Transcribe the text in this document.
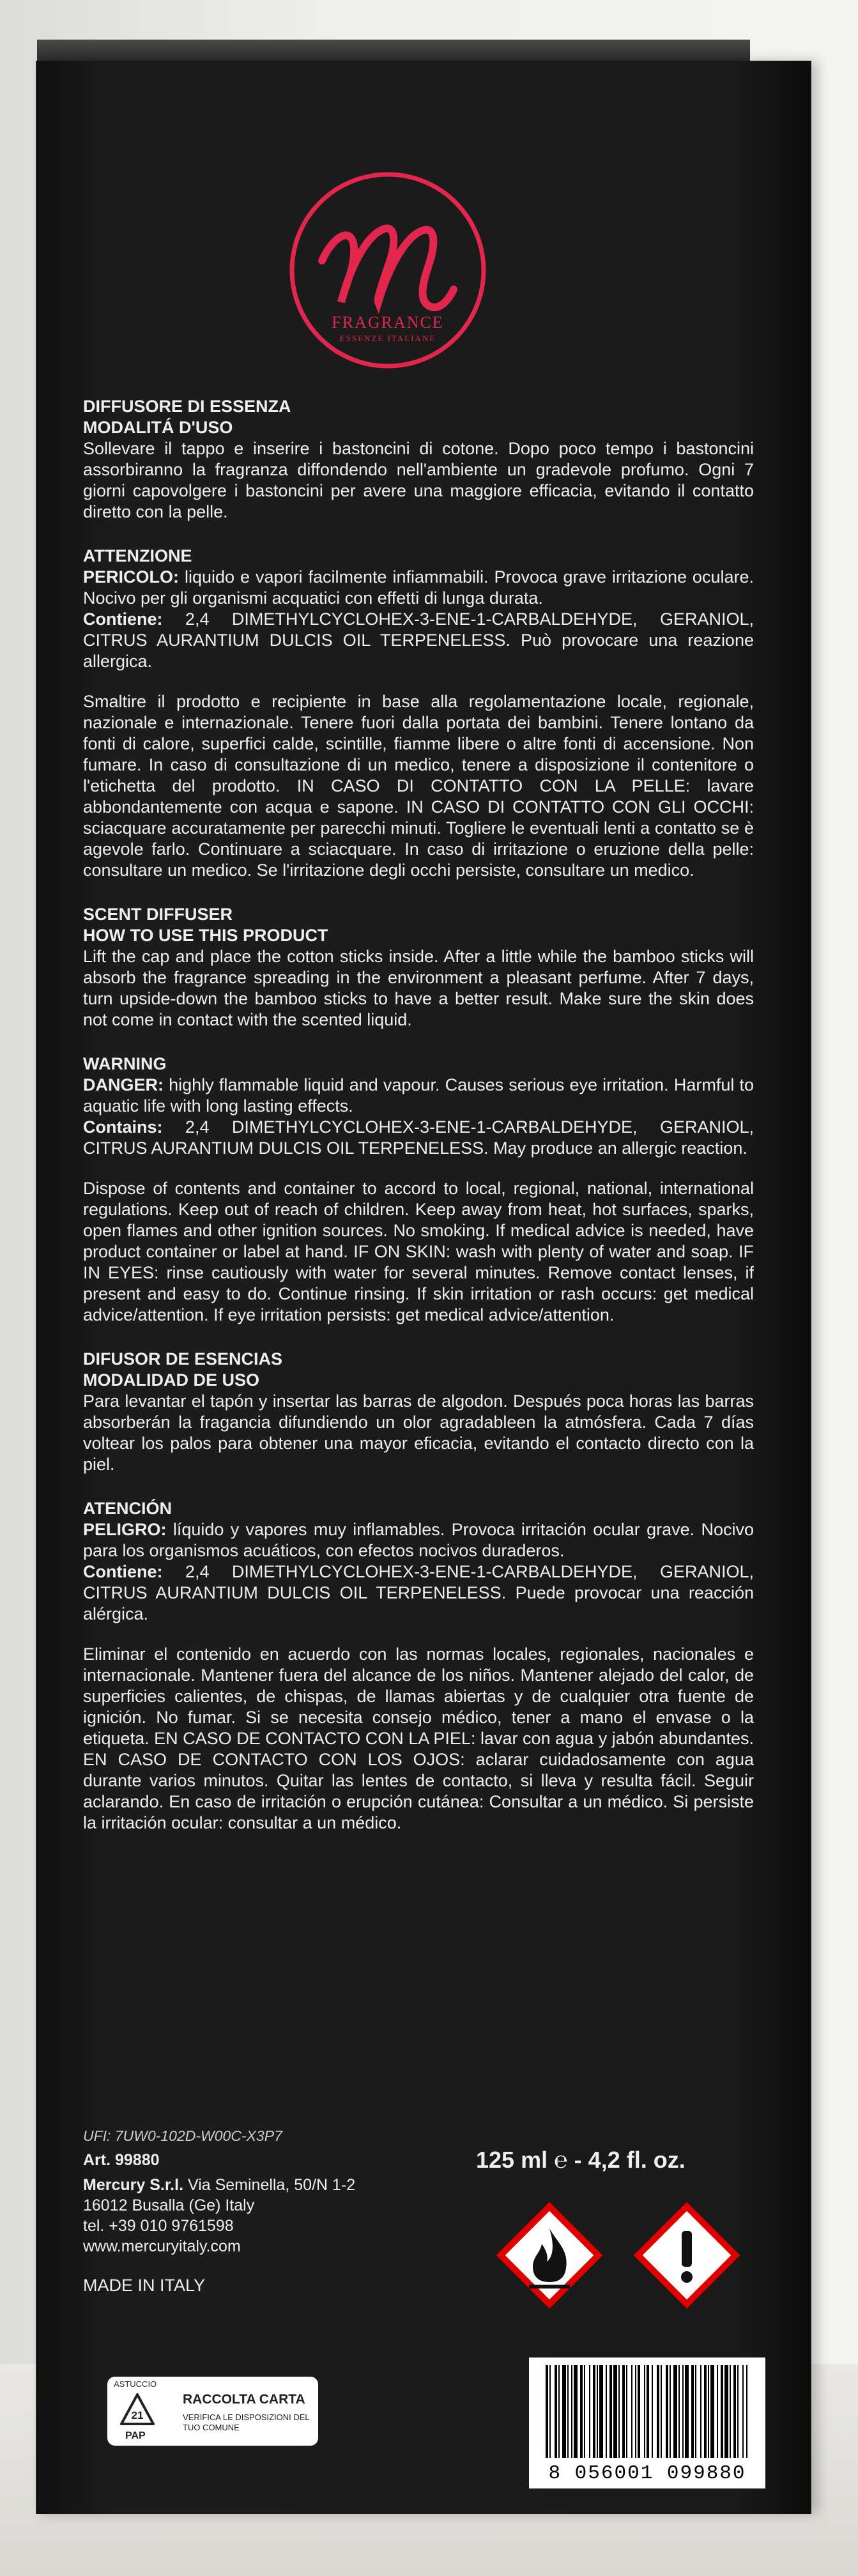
FRAGRANCE
ESSENZE ITALIANE
DIFFUSORE DI ESSENZA
MODALITÁ D'USO
Sollevare il tappo e inserire i bastoncini di cotone. Dopo poco tempo i bastoncini assorbiranno la fragranza diffondendo nell'ambiente un gradevole profumo. Ogni 7 giorni capovolgere i bastoncini per avere una maggiore efficacia, evitando il contatto diretto con la pelle.
ATTENZIONE
PERICOLO: liquido e vapori facilmente infiammabili. Provoca grave irritazione oculare. Nocivo per gli organismi acquatici con effetti di lunga durata.
Contiene: 2,4 DIMETHYLCYCLOHEX-3-ENE-1-CARBALDEHYDE, GERANIOL, CITRUS AURANTIUM DULCIS OIL TERPENELESS. Può provocare una reazione allergica.
Smaltire il prodotto e recipiente in base alla regolamentazione locale, regionale, nazionale e internazionale. Tenere fuori dalla portata dei bambini. Tenere lontano da fonti di calore, superfici calde, scintille, fiamme libere o altre fonti di accensione. Non fumare. In caso di consultazione di un medico, tenere a disposizione il contenitore o l'etichetta del prodotto. IN CASO DI CONTATTO CON LA PELLE: lavare abbondantemente con acqua e sapone. IN CASO DI CONTATTO CON GLI OCCHI: sciacquare accuratamente per parecchi minuti. Togliere le eventuali lenti a contatto se è agevole farlo. Continuare a sciacquare. In caso di irritazione o eruzione della pelle: consultare un medico. Se l'irritazione degli occhi persiste, consultare un medico.
SCENT DIFFUSER
HOW TO USE THIS PRODUCT
Lift the cap and place the cotton sticks inside. After a little while the bamboo sticks will absorb the fragrance spreading in the environment a pleasant perfume. After 7 days, turn upside-down the bamboo sticks to have a better result. Make sure the skin does not come in contact with the scented liquid.
WARNING
DANGER: highly flammable liquid and vapour. Causes serious eye irritation. Harmful to aquatic life with long lasting effects.
Contains: 2,4 DIMETHYLCYCLOHEX-3-ENE-1-CARBALDEHYDE, GERANIOL, CITRUS AURANTIUM DULCIS OIL TERPENELESS. May produce an allergic reaction.
Dispose of contents and container to accord to local, regional, national, international regulations. Keep out of reach of children. Keep away from heat, hot surfaces, sparks, open flames and other ignition sources. No smoking. If medical advice is needed, have product container or label at hand. IF ON SKIN: wash with plenty of water and soap. IF IN EYES: rinse cautiously with water for several minutes. Remove contact lenses, if present and easy to do. Continue rinsing. If skin irritation or rash occurs: get medical advice/attention. If eye irritation persists: get medical advice/attention.
DIFUSOR DE ESENCIAS
MODALIDAD DE USO
Para levantar el tapón y insertar las barras de algodon. Después poca horas las barras absorberán la fragancia difundiendo un olor agradableen la atmósfera. Cada 7 días voltear los palos para obtener una mayor eficacia, evitando el contacto directo con la piel.
ATENCIÓN
PELIGRO: líquido y vapores muy inflamables. Provoca irritación ocular grave. Nocivo para los organismos acuáticos, con efectos nocivos duraderos.
Contiene: 2,4 DIMETHYLCYCLOHEX-3-ENE-1-CARBALDEHYDE, GERANIOL, CITRUS AURANTIUM DULCIS OIL TERPENELESS. Puede provocar una reacción alérgica.
Eliminar el contenido en acuerdo con las normas locales, regionales, nacionales e internacionale. Mantener fuera del alcance de los niños. Mantener alejado del calor, de superficies calientes, de chispas, de llamas abiertas y de cualquier otra fuente de ignición. No fumar. Si se necesita consejo médico, tener a mano el envase o la etiqueta. EN CASO DE CONTACTO CON LA PIEL: lavar con agua y jabón abundantes. EN CASO DE CONTACTO CON LOS OJOS: aclarar cuidadosamente con agua durante varios minutos. Quitar las lentes de contacto, si lleva y resulta fácil. Seguir aclarando. En caso de irritación o erupción cutánea: Consultar a un médico. Si persiste la irritación ocular: consultar a un médico.
UFI: 7UW0-102D-W00C-X3P7
Art. 99880
Mercury S.r.l. Via Seminella, 50/N 1-2
16012 Busalla (Ge) Italy
tel. +39 010 9761598
www.mercuryitaly.com
MADE IN ITALY
125 ml ℮ - 4,2 fl. oz.
ASTUCCIO
21
PAP
RACCOLTA CARTA
VERIFICA LE DISPOSIZIONI DEL TUO COMUNE
8 056001 099880
